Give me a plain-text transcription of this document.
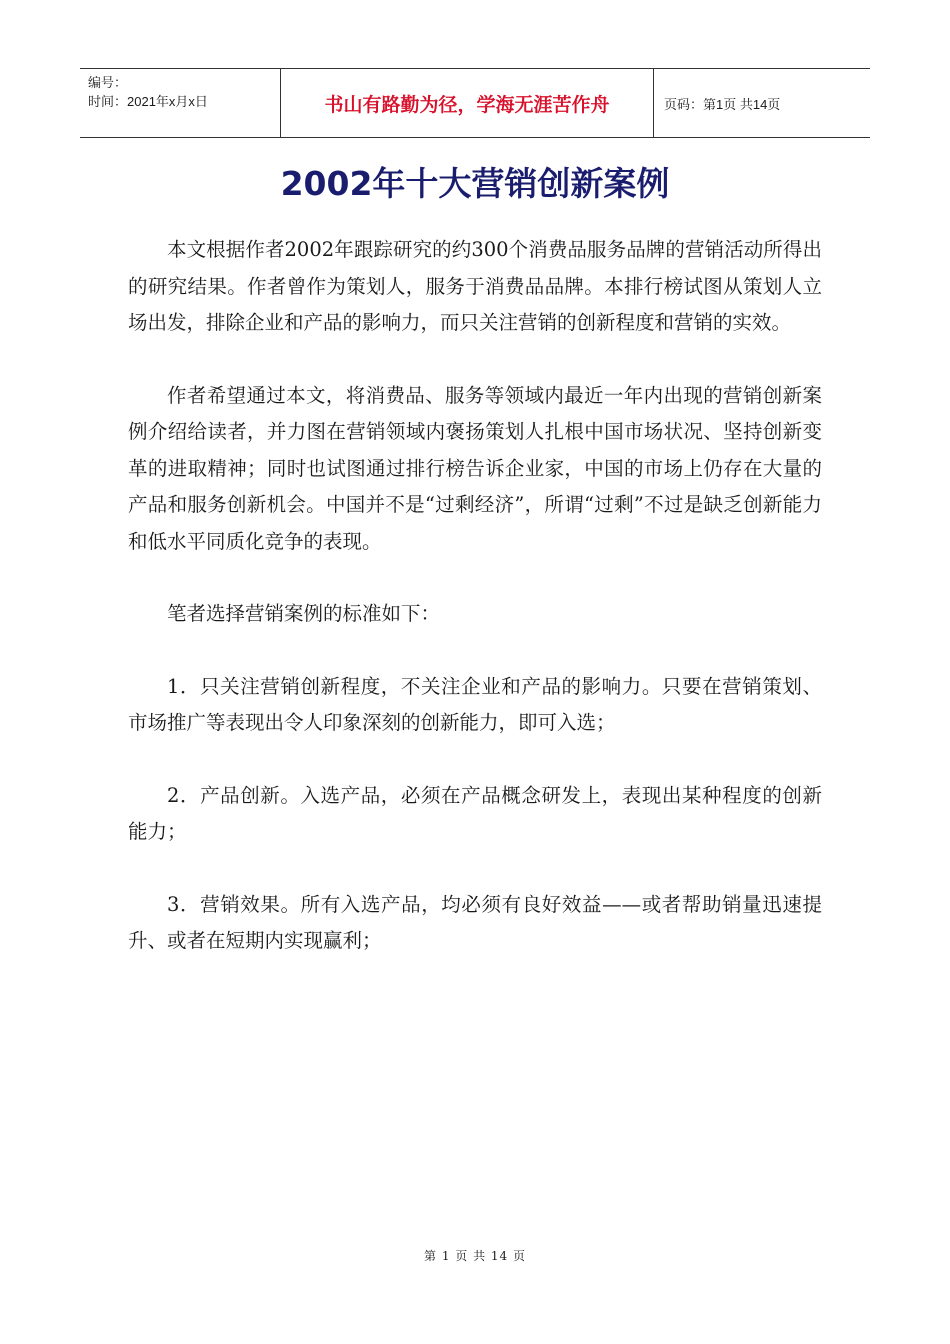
编号：
时间：2021年x月x日	书山有路勤为径，学海无涯苦作舟	页码：第1页 共14页
2002年十大营销创新案例

本文根据作者2002年跟踪研究的约300个消费品服务品牌的营销活动所得出的研究结果。作者曾作为策划人，服务于消费品品牌。本排行榜试图从策划人立场出发，排除企业和产品的影响力，而只关注营销的创新程度和营销的实效。

作者希望通过本文，将消费品、服务等领域内最近一年内出现的营销创新案例介绍给读者，并力图在营销领域内褒扬策划人扎根中国市场状况、坚持创新变革的进取精神；同时也试图通过排行榜告诉企业家，中国的市场上仍存在大量的产品和服务创新机会。中国并不是“过剩经济”，所谓“过剩”不过是缺乏创新能力和低水平同质化竞争的表现。

笔者选择营销案例的标准如下：

1．只关注营销创新程度，不关注企业和产品的影响力。只要在营销策划、市场推广等表现出令人印象深刻的创新能力，即可入选；

2．产品创新。入选产品，必须在产品概念研发上，表现出某种程度的创新能力；

3．营销效果。所有入选产品，均必须有良好效益——或者帮助销量迅速提升、或者在短期内实现赢利；

第 1 页 共 14 页
